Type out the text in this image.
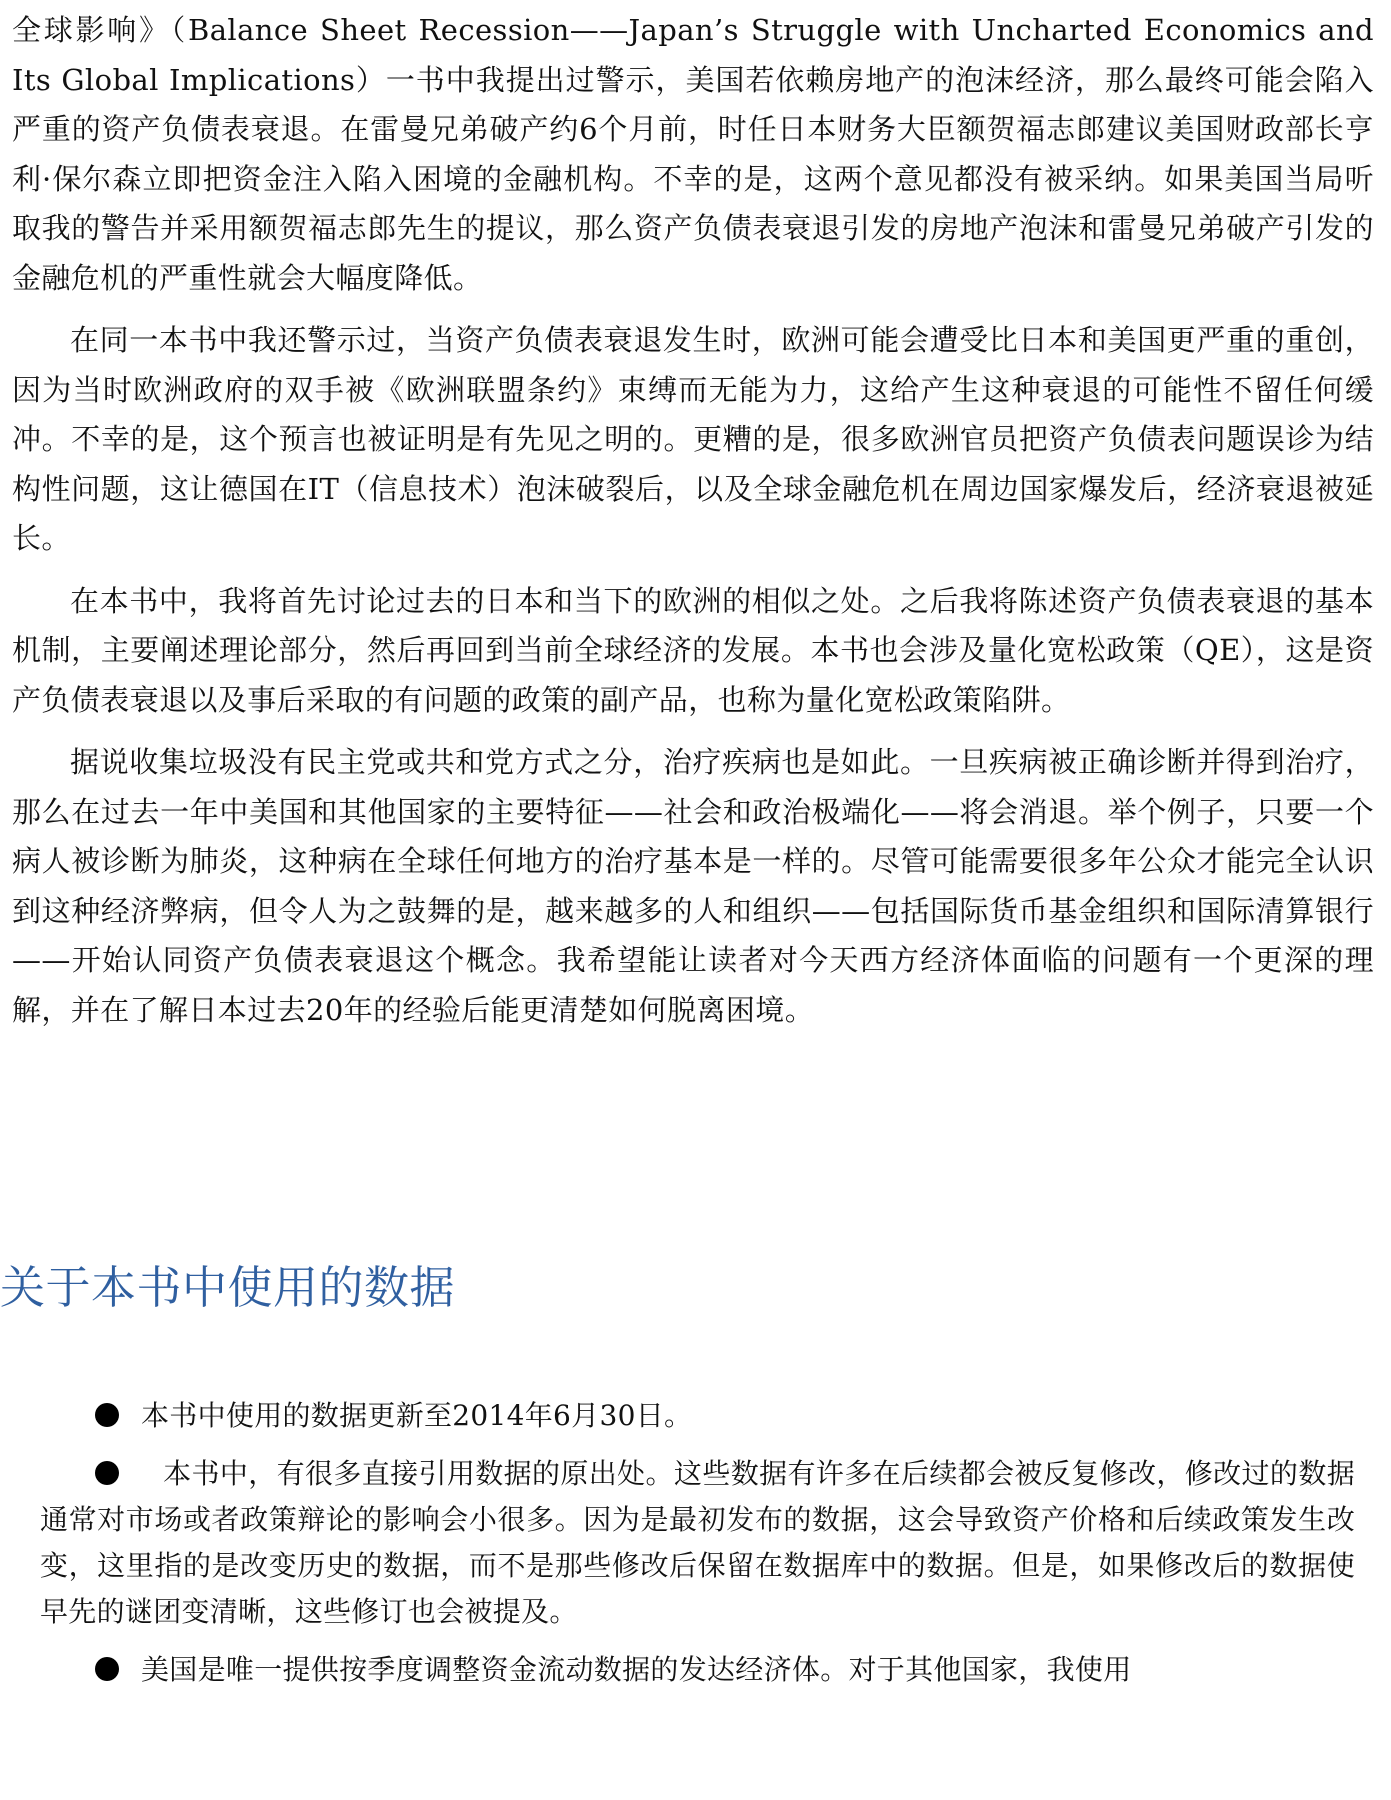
全球影响》（Balance Sheet Recession——Japan’s Struggle with Uncharted Economics and Its Global Implications）一书中我提出过警示，美国若依赖房地产的泡沫经济，那么最终可能会陷入严重的资产负债表衰退。在雷曼兄弟破产约6个月前，时任日本财务大臣额贺福志郎建议美国财政部长亨利·保尔森立即把资金注入陷入困境的金融机构。不幸的是，这两个意见都没有被采纳。如果美国当局听取我的警告并采用额贺福志郎先生的提议，那么资产负债表衰退引发的房地产泡沫和雷曼兄弟破产引发的金融危机的严重性就会大幅度降低。

在同一本书中我还警示过，当资产负债表衰退发生时，欧洲可能会遭受比日本和美国更严重的重创，因为当时欧洲政府的双手被《欧洲联盟条约》束缚而无能为力，这给产生这种衰退的可能性不留任何缓冲。不幸的是，这个预言也被证明是有先见之明的。更糟的是，很多欧洲官员把资产负债表问题误诊为结构性问题，这让德国在IT（信息技术）泡沫破裂后，以及全球金融危机在周边国家爆发后，经济衰退被延长。

在本书中，我将首先讨论过去的日本和当下的欧洲的相似之处。之后我将陈述资产负债表衰退的基本机制，主要阐述理论部分，然后再回到当前全球经济的发展。本书也会涉及量化宽松政策（QE），这是资产负债表衰退以及事后采取的有问题的政策的副产品，也称为量化宽松政策陷阱。

据说收集垃圾没有民主党或共和党方式之分，治疗疾病也是如此。一旦疾病被正确诊断并得到治疗，那么在过去一年中美国和其他国家的主要特征——社会和政治极端化——将会消退。举个例子，只要一个病人被诊断为肺炎，这种病在全球任何地方的治疗基本是一样的。尽管可能需要很多年公众才能完全认识到这种经济弊病，但令人为之鼓舞的是，越来越多的人和组织——包括国际货币基金组织和国际清算银行——开始认同资产负债表衰退这个概念。我希望能让读者对今天西方经济体面临的问题有一个更深的理解，并在了解日本过去20年的经验后能更清楚如何脱离困境。

关于本书中使用的数据

本书中使用的数据更新至2014年6月30日。

本书中，有很多直接引用数据的原出处。这些数据有许多在后续都会被反复修改，修改过的数据通常对市场或者政策辩论的影响会小很多。因为是最初发布的数据，这会导致资产价格和后续政策发生改变，这里指的是改变历史的数据，而不是那些修改后保留在数据库中的数据。但是，如果修改后的数据使早先的谜团变清晰，这些修订也会被提及。

美国是唯一提供按季度调整资金流动数据的发达经济体。对于其他国家，我使用
